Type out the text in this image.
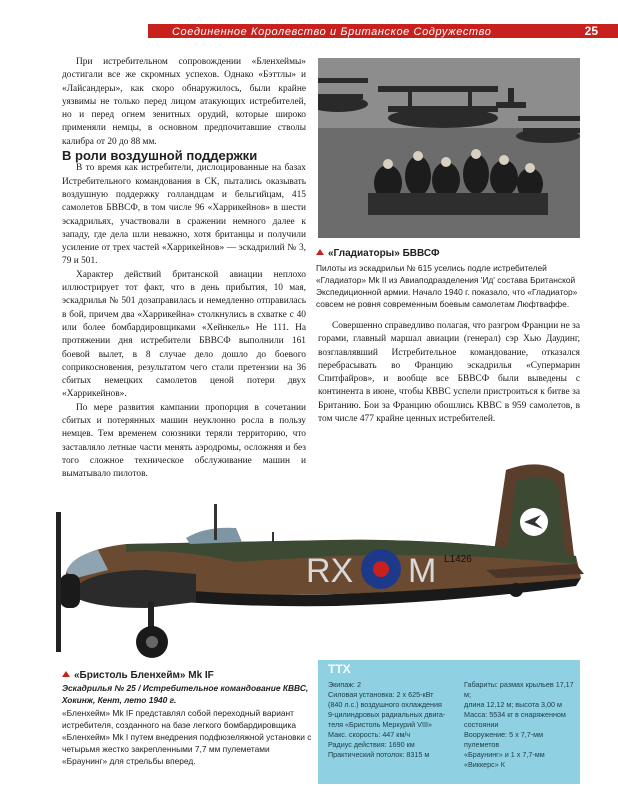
Соединенное Королевство и Британское Содружество	25

При истребительном сопровождении «Бленхеймы» достигали все же скромных успехов. Однако «Бэттлы» и «Лайсандеры», как скоро обнаружилось, были крайне уязвимы не только перед лицом атакующих истребителей, но и перед огнем зенитных орудий, которые широко применяли немцы, в основном предпочитавшие стволы калибра от 20 до 88 мм.

В роли воздушной поддержки

В то время как истребители, дислоцированные на базах Истребительного командования в СК, пытались оказывать воздушную поддержку голландцам и бельгийцам, 415 самолетов БВВСФ, в том числе 96 «Харрикейнов» в шести эскадрильях, участвовали в сражении немного далее к западу, где дела шли неважно, хотя британцы и получили усиление от трех частей «Харрикейнов» — эскадрилий № 3, 79 и 501.

Характер действий британской авиации неплохо иллюстрирует тот факт, что в день прибытия, 10 мая, эскадрилья № 501 дозаправилась и немедленно отправилась в бой, причем два «Харрикейна» столкнулись в схватке с 40 или более бомбардировщиками «Хейнкель» Не 111. На протяжении дня истребители БВВСФ выполнили 161 боевой вылет, в 8 случае дело дошло до боевого соприкосновения, результатом чего стали претензии на 36 сбитых немецких самолетов ценой потери двух «Харрикейнов».

По мере развития кампании пропорция в сочетании сбитых и потерянных машин неуклонно росла в пользу немцев. Тем временем союзники теряли территорию, что заставляло летные части менять аэродромы, осложняя и без того сложное техническое обслуживание машин и выматывало пилотов.

«Гладиаторы» БВВСФ
Пилоты из эскадрильи № 615 уселись подле истребителей «Гладиатор» Mk II из Авиаподразделения 'Ид' состава Британской Экспедиционной армии. Начало 1940 г. показало, что «Гладиатор» совсем не ровня современным боевым самолетам Люфтваффе.

Совершенно справедливо полагая, что разгром Франции не за горами, главный маршал авиации (генерал) сэр Хью Даудинг, возглавлявший Истребительное командование, отказался перебрасывать во Францию эскадрилья «Супермарин Спитфайров», и вообще все БВВСФ были выведены с континента в июне, чтобы КВВС успели пристроиться к битве за Британию. Бои за Францию обошлись КВВС в 959 самолетов, в том числе 477 крайне ценных истребителей.

RX M L1426
«Бристоль Бленхейм» Mk IF
Эскадрилья № 25 / Истребительное командование КВВС, Хокинж, Кент, лето 1940 г.
«Бленхейм» Mk IF представлял собой переходный вариант истребителя, созданного на базе легкого бомбардировщика «Бленхейм» Mk I путем внедрения подфюзеляжной установки с четырьмя жестко закрепленными 7,7 мм пулеметами «Браунинг» для стрельбы вперед.
ТТХ
Экипаж: 2
Силовая установка: 2 х 625-кВт
(840 л.с.) воздушного охлаждения
9-цилиндровых радиальных двига-
теля «Бристоль Меркурий VIII»
Макс. скорость: 447 км/ч
Радиус действия: 1690 км
Практический потолок: 8315 м
Габариты: размах крыльев 17,17 м;
длина 12,12 м; высота 3,00 м
Масса: 5534 кг в снаряженном
состоянии
Вооружение: 5 х 7,7-мм пулеметов
«Браунинг» и 1 х 7,7-мм
«Виккерс» К
